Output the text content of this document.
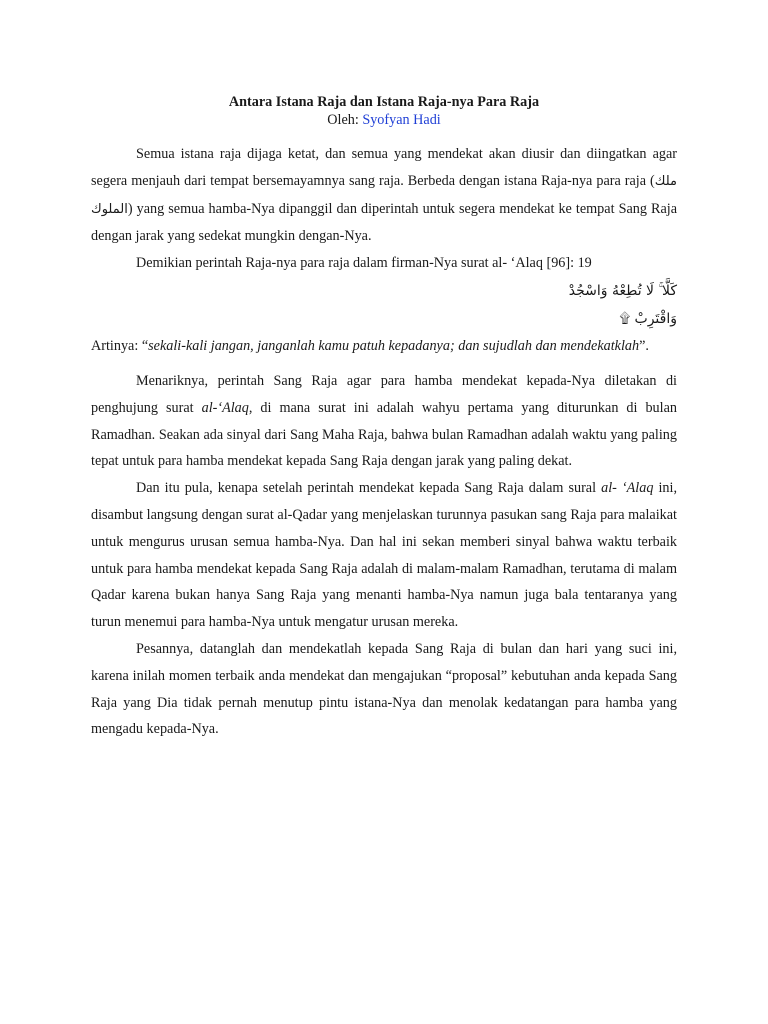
Antara Istana Raja dan Istana Raja-nya Para Raja
Oleh: Syofyan Hadi

Semua istana raja dijaga ketat, dan semua yang mendekat akan diusir dan diingatkan agar segera menjauh dari tempat bersemayamnya sang raja. Berbeda dengan istana Raja-nya para raja (ملك الملوك) yang semua hamba-Nya dipanggil dan diperintah untuk segera mendekat ke tempat Sang Raja dengan jarak yang sedekat mungkin dengan-Nya.

Demikian perintah Raja-nya para raja dalam firman-Nya surat al- ‘Alaq [96]: 19

كَلَّا ۚ لَا تُطِعْهُ وَاسْجُدْ
وَاقْتَرِبْ ۩

Artinya: “sekali-kali jangan, janganlah kamu patuh kepadanya; dan sujudlah dan mendekatklah”.

Menariknya, perintah Sang Raja agar para hamba mendekat kepada-Nya diletakan di penghujung surat al-‘Alaq, di mana surat ini adalah wahyu pertama yang diturunkan di bulan Ramadhan. Seakan ada sinyal dari Sang Maha Raja, bahwa bulan Ramadhan adalah waktu yang paling tepat untuk para hamba mendekat kepada Sang Raja dengan jarak yang paling dekat.

Dan itu pula, kenapa setelah perintah mendekat kepada Sang Raja dalam sural al- ‘Alaq ini, disambut langsung dengan surat al-Qadar yang menjelaskan turunnya pasukan sang Raja para malaikat untuk mengurus urusan semua hamba-Nya. Dan hal ini sekan memberi sinyal bahwa waktu terbaik untuk para hamba mendekat kepada Sang Raja adalah di malam-malam Ramadhan, terutama di malam Qadar karena bukan hanya Sang Raja yang menanti hamba-Nya namun juga bala tentaranya yang turun menemui para hamba-Nya untuk mengatur urusan mereka.

Pesannya, datanglah dan mendekatlah kepada Sang Raja di bulan dan hari yang suci ini, karena inilah momen terbaik anda mendekat dan mengajukan “proposal” kebutuhan anda kepada Sang Raja yang Dia tidak pernah menutup pintu istana-Nya dan menolak kedatangan para hamba yang mengadu kepada-Nya.
